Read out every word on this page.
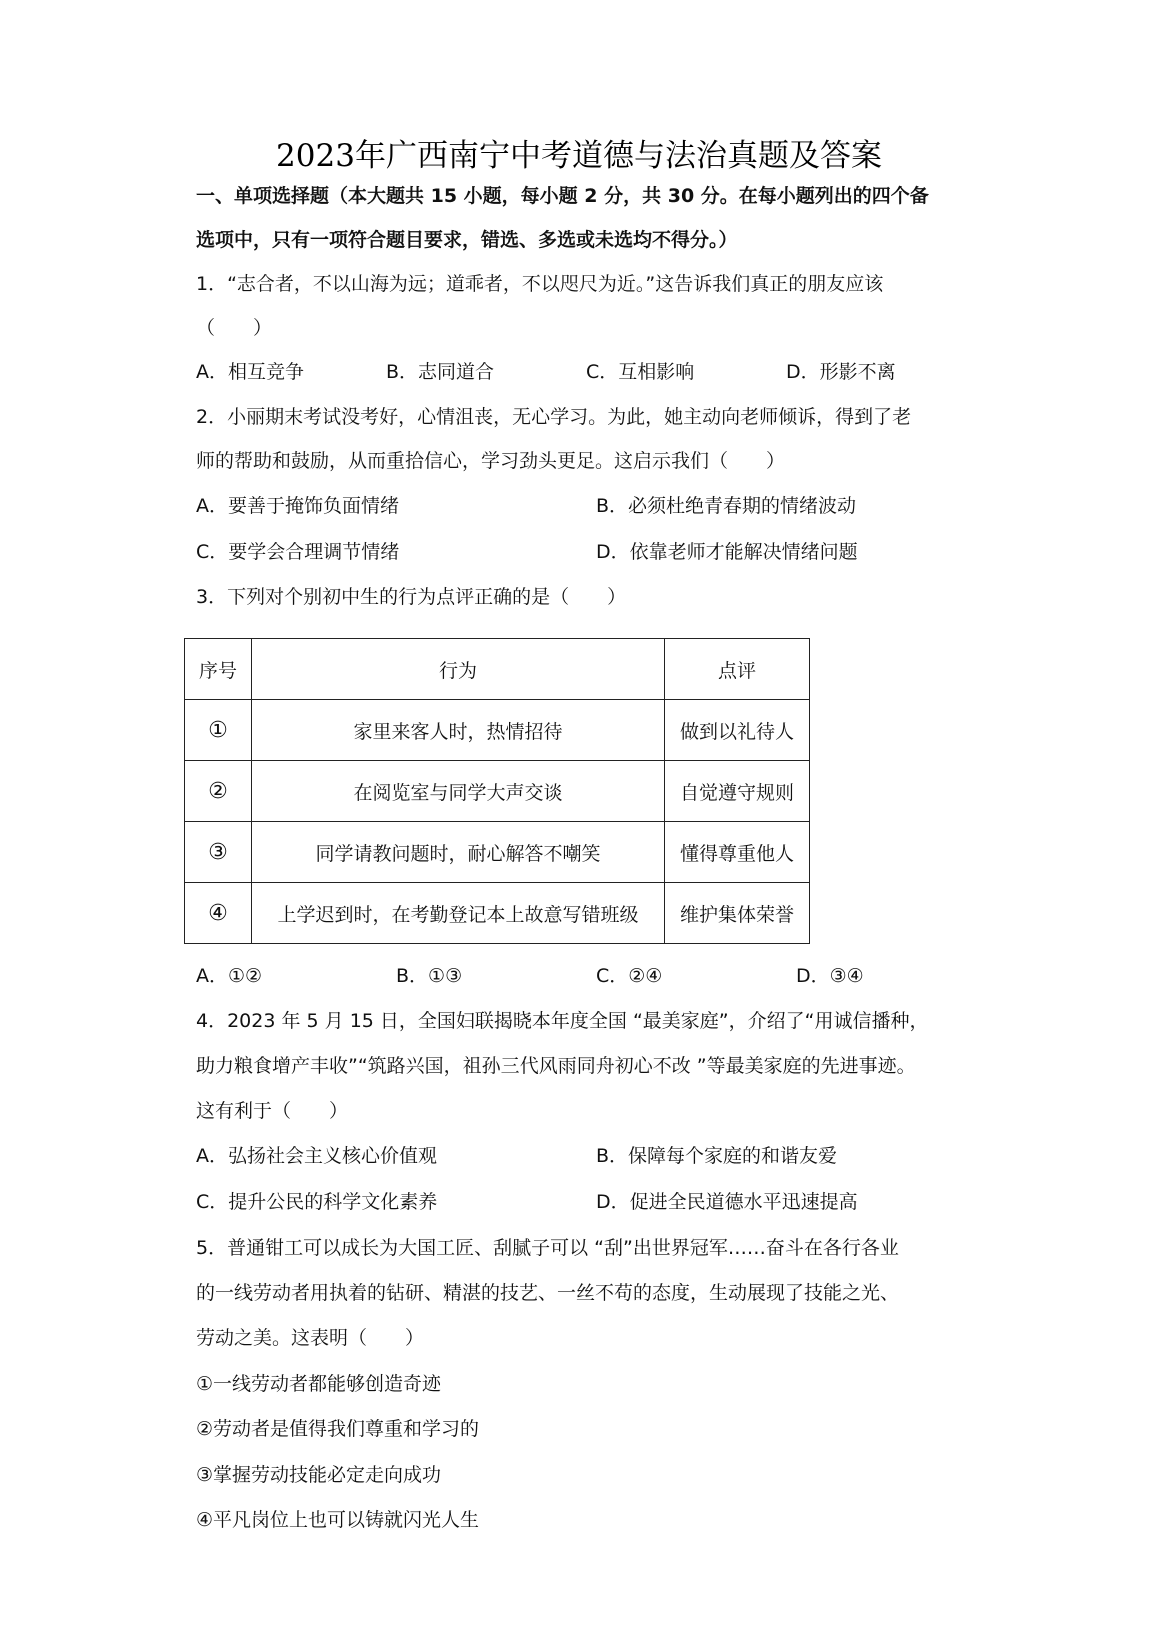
2023年广西南宁中考道德与法治真题及答案
一、单项选择题（本大题共 15 小题，每小题 2 分，共 30 分。在每小题列出的四个备
选项中，只有一项符合题目要求，错选、多选或未选均不得分。）
1．“志合者，不以山海为远；道乖者，不以咫尺为近。”这告诉我们真正的朋友应该
（　　）
A．相互竞争	B．志同道合	C．互相影响	D．形影不离
2．小丽期末考试没考好，心情沮丧，无心学习。为此，她主动向老师倾诉，得到了老
师的帮助和鼓励，从而重拾信心，学习劲头更足。这启示我们（　　）
A．要善于掩饰负面情绪	B．必须杜绝青春期的情绪波动
C．要学会合理调节情绪	D．依靠老师才能解决情绪问题
3．下列对个别初中生的行为点评正确的是（　　）
序号	行为	点评
①	家里来客人时，热情招待	做到以礼待人
②	在阅览室与同学大声交谈	自觉遵守规则
③	同学请教问题时，耐心解答不嘲笑	懂得尊重他人
④	上学迟到时，在考勤登记本上故意写错班级	维护集体荣誉
A．①②	B．①③	C．②④	D．③④
4．2023 年 5 月 15 日，全国妇联揭晓本年度全国 “最美家庭”，介绍了“用诚信播种，
助力粮食增产丰收”“筑路兴国，祖孙三代风雨同舟初心不改 ”等最美家庭的先进事迹。
这有利于（　　）
A．弘扬社会主义核心价值观	B．保障每个家庭的和谐友爱
C．提升公民的科学文化素养	D．促进全民道德水平迅速提高
5．普通钳工可以成长为大国工匠、刮腻子可以 “刮”出世界冠军……奋斗在各行各业
的一线劳动者用执着的钻研、精湛的技艺、一丝不苟的态度，生动展现了技能之光、
劳动之美。这表明（　　）
①一线劳动者都能够创造奇迹
②劳动者是值得我们尊重和学习的
③掌握劳动技能必定走向成功
④平凡岗位上也可以铸就闪光人生
